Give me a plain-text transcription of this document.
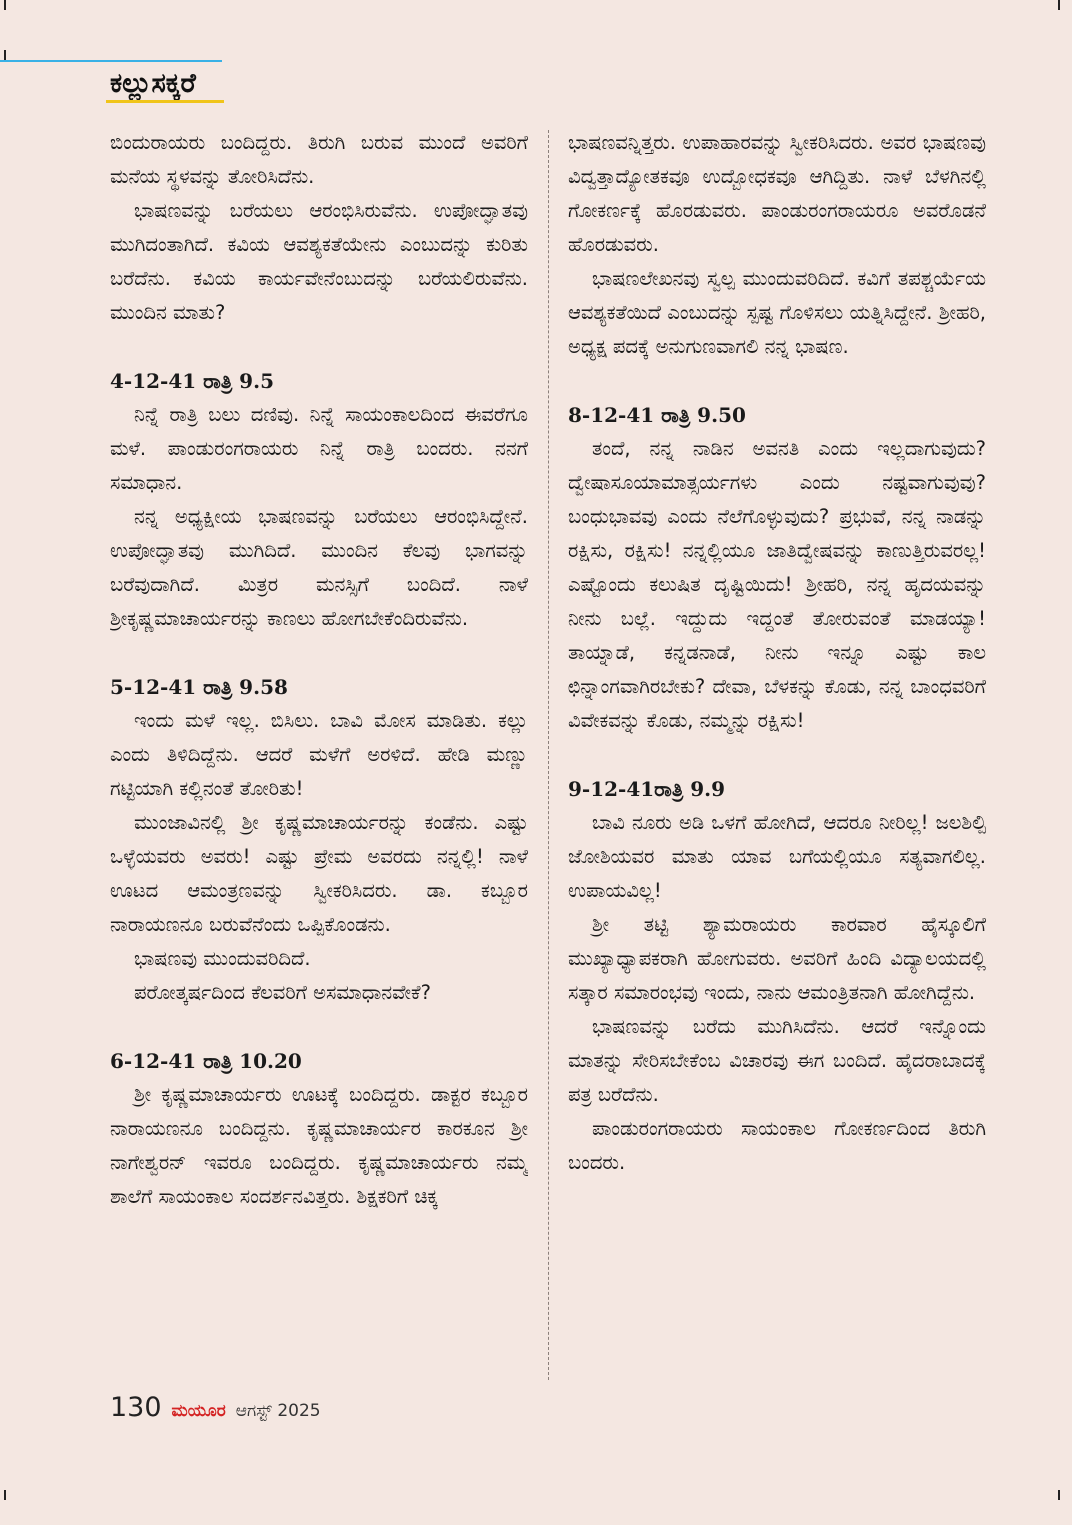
ಕಲ್ಲುಸಕ್ಕರೆ

ಬಿಂದುರಾಯರು ಬಂದಿದ್ದರು. ತಿರುಗಿ ಬರುವ ಮುಂದೆ ಅವರಿಗೆ ಮನೆಯ ಸ್ಥಳವನ್ನು ತೋರಿಸಿದೆನು.

ಭಾಷಣವನ್ನು ಬರೆಯಲು ಆರಂಭಿಸಿರುವೆನು. ಉಪೋದ್ಘಾತವು ಮುಗಿದಂತಾಗಿದೆ. ಕವಿಯ ಆವಶ್ಯಕತೆಯೇನು ಎಂಬುದನ್ನು ಕುರಿತು ಬರೆದೆನು. ಕವಿಯ ಕಾರ್ಯವೇನೆಂಬುದನ್ನು ಬರೆಯಲಿರುವೆನು. ಮುಂದಿನ ಮಾತು?

4-12-41 ರಾತ್ರಿ 9.5

ನಿನ್ನೆ ರಾತ್ರಿ ಬಲು ದಣಿವು. ನಿನ್ನೆ ಸಾಯಂಕಾಲದಿಂದ ಈವರೆಗೂ ಮಳೆ. ಪಾಂಡುರಂಗರಾಯರು ನಿನ್ನೆ ರಾತ್ರಿ ಬಂದರು. ನನಗೆ ಸಮಾಧಾನ.

ನನ್ನ ಅಧ್ಯಕ್ಷೀಯ ಭಾಷಣವನ್ನು ಬರೆಯಲು ಆರಂಭಿಸಿದ್ದೇನೆ. ಉಪೋದ್ಘಾತವು ಮುಗಿದಿದೆ. ಮುಂದಿನ ಕೆಲವು ಭಾಗವನ್ನು ಬರೆವುದಾಗಿದೆ. ಮಿತ್ರರ ಮನಸ್ಸಿಗೆ ಬಂದಿದೆ. ನಾಳೆ ಶ್ರೀಕೃಷ್ಣಮಾಚಾರ್ಯರನ್ನು ಕಾಣಲು ಹೋಗಬೇಕೆಂದಿರುವೆನು.

5-12-41 ರಾತ್ರಿ 9.58

ಇಂದು ಮಳೆ ಇಲ್ಲ. ಬಿಸಿಲು. ಬಾವಿ ಮೋಸ ಮಾಡಿತು. ಕಲ್ಲು ಎಂದು ತಿಳಿದಿದ್ದೆನು. ಆದರೆ ಮಳೆಗೆ ಅರಳಿದೆ. ಹೇಡಿ ಮಣ್ಣು ಗಟ್ಟಿಯಾಗಿ ಕಲ್ಲಿನಂತೆ ತೋರಿತು!

ಮುಂಜಾವಿನಲ್ಲಿ ಶ್ರೀ ಕೃಷ್ಣಮಾಚಾರ್ಯರನ್ನು ಕಂಡೆನು. ಎಷ್ಟು ಒಳ್ಳೆಯವರು ಅವರು! ಎಷ್ಟು ಪ್ರೇಮ ಅವರದು ನನ್ನಲ್ಲಿ! ನಾಳೆ ಊಟದ ಆಮಂತ್ರಣವನ್ನು ಸ್ವೀಕರಿಸಿದರು. ಡಾ. ಕಬ್ಬೂರ ನಾರಾಯಣನೂ ಬರುವೆನೆಂದು ಒಪ್ಪಿಕೊಂಡನು.

ಭಾಷಣವು ಮುಂದುವರಿದಿದೆ.

ಪರೋತ್ಕರ್ಷದಿಂದ ಕೆಲವರಿಗೆ ಅಸಮಾಧಾನವೇಕೆ?

6-12-41 ರಾತ್ರಿ 10.20

ಶ್ರೀ ಕೃಷ್ಣಮಾಚಾರ್ಯರು ಊಟಕ್ಕೆ ಬಂದಿದ್ದರು. ಡಾಕ್ಟರ ಕಬ್ಬೂರ ನಾರಾಯಣನೂ ಬಂದಿದ್ದನು. ಕೃಷ್ಣಮಾಚಾರ್ಯರ ಕಾರಕೂನ ಶ್ರೀ ನಾಗೇಶ್ವರನ್ ಇವರೂ ಬಂದಿದ್ದರು. ಕೃಷ್ಣಮಾಚಾರ್ಯರು ನಮ್ಮ ಶಾಲೆಗೆ ಸಾಯಂಕಾಲ ಸಂದರ್ಶನವಿತ್ತರು. ಶಿಕ್ಷಕರಿಗೆ ಚಿಕ್ಕ

ಭಾಷಣವನ್ನಿತ್ತರು. ಉಪಾಹಾರವನ್ನು ಸ್ವೀಕರಿಸಿದರು. ಅವರ ಭಾಷಣವು ವಿದ್ವತ್ತಾದ್ಯೋತಕವೂ ಉದ್ಬೋಧಕವೂ ಆಗಿದ್ದಿತು. ನಾಳೆ ಬೆಳಗಿನಲ್ಲಿ ಗೋಕರ್ಣಕ್ಕೆ ಹೊರಡುವರು. ಪಾಂಡುರಂಗರಾಯರೂ ಅವರೊಡನೆ ಹೊರಡುವರು.

ಭಾಷಣಲೇಖನವು ಸ್ವಲ್ಪ ಮುಂದುವರಿದಿದೆ. ಕವಿಗೆ ತಪಶ್ಚರ್ಯೆಯ ಆವಶ್ಯಕತೆಯಿದೆ ಎಂಬುದನ್ನು ಸ್ಪಷ್ಟ ಗೊಳಿಸಲು ಯತ್ನಿಸಿದ್ದೇನೆ. ಶ್ರೀಹರಿ, ಅಧ್ಯಕ್ಷ ಪದಕ್ಕೆ ಅನುಗುಣವಾಗಲಿ ನನ್ನ ಭಾಷಣ.

8-12-41 ರಾತ್ರಿ 9.50

ತಂದೆ, ನನ್ನ ನಾಡಿನ ಅವನತಿ ಎಂದು ಇಲ್ಲದಾಗುವುದು? ದ್ವೇಷಾಸೂಯಾಮಾತ್ಸರ್ಯಗಳು ಎಂದು ನಷ್ಟವಾಗುವುವು? ಬಂಧುಭಾವವು ಎಂದು ನೆಲೆಗೊಳ್ಳುವುದು? ಪ್ರಭುವೆ, ನನ್ನ ನಾಡನ್ನು ರಕ್ಷಿಸು, ರಕ್ಷಿಸು! ನನ್ನಲ್ಲಿಯೂ ಜಾತಿದ್ವೇಷವನ್ನು ಕಾಣುತ್ತಿರುವರಲ್ಲ! ಎಷ್ಟೊಂದು ಕಲುಷಿತ ದೃಷ್ಟಿಯಿದು! ಶ್ರೀಹರಿ, ನನ್ನ ಹೃದಯವನ್ನು ನೀನು ಬಲ್ಲೆ. ಇದ್ದುದು ಇದ್ದಂತೆ ತೋರುವಂತೆ ಮಾಡಯ್ಯಾ! ತಾಯ್ನಾಡೆ, ಕನ್ನಡನಾಡೆ, ನೀನು ಇನ್ನೂ ಎಷ್ಟು ಕಾಲ ಛಿನ್ನಾಂಗವಾಗಿರಬೇಕು? ದೇವಾ, ಬೆಳಕನ್ನು ಕೊಡು, ನನ್ನ ಬಾಂಧವರಿಗೆ ವಿವೇಕವನ್ನು ಕೊಡು, ನಮ್ಮನ್ನು ರಕ್ಷಿಸು!

9-12-41ರಾತ್ರಿ 9.9

ಬಾವಿ ನೂರು ಅಡಿ ಒಳಗೆ ಹೋಗಿದೆ, ಆದರೂ ನೀರಿಲ್ಲ! ಜಲಶಿಲ್ಪಿ ಜೋಶಿಯವರ ಮಾತು ಯಾವ ಬಗೆಯಲ್ಲಿಯೂ ಸತ್ಯವಾಗಲಿಲ್ಲ. ಉಪಾಯವಿಲ್ಲ!

ಶ್ರೀ ತಟ್ಟಿ ಶ್ಯಾಮರಾಯರು ಕಾರವಾರ ಹೈಸ್ಕೂಲಿಗೆ ಮುಖ್ಯಾಧ್ಯಾಪಕರಾಗಿ ಹೋಗುವರು. ಅವರಿಗೆ ಹಿಂದಿ ವಿದ್ಯಾಲಯದಲ್ಲಿ ಸತ್ಕಾರ ಸಮಾರಂಭವು ಇಂದು, ನಾನು ಆಮಂತ್ರಿತನಾಗಿ ಹೋಗಿದ್ದೆನು.

ಭಾಷಣವನ್ನು ಬರೆದು ಮುಗಿಸಿದೆನು. ಆದರೆ ಇನ್ನೊಂದು ಮಾತನ್ನು ಸೇರಿಸಬೇಕೆಂಬ ವಿಚಾರವು ಈಗ ಬಂದಿದೆ. ಹೈದರಾಬಾದಕ್ಕೆ ಪತ್ರ ಬರೆದೆನು.

ಪಾಂಡುರಂಗರಾಯರು ಸಾಯಂಕಾಲ ಗೋಕರ್ಣದಿಂದ ತಿರುಗಿ ಬಂದರು.

130 ಮಯೂರ ಆಗಸ್ಟ್ 2025
